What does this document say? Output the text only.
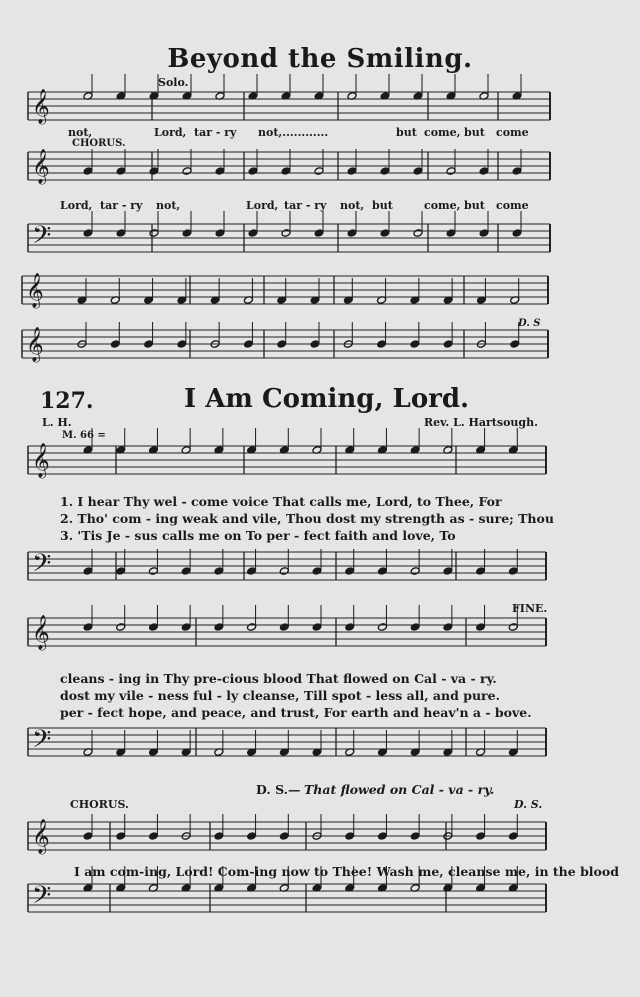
Beyond the Smiling.
Solo.
𝄞
𝄞
𝄢
𝄞
𝄞
𝄞
𝄢
𝄞
𝄢
𝄞
𝄢
not,	Lord, tar - ry not,............	but come, but come
CHORUS.
Lord, tar - ry not,	Lord, tar - ry not, but	come, but come
D. S
127.	I Am Coming, Lord.
L. H.	Rev. L. Hartsough.
M. 66 =
1. I hear Thy wel - come voice That calls me, Lord, to Thee, For
2. Tho' com - ing weak and vile, Thou dost my strength as - sure; Thou
3. 'Tis Je - sus calls me on To per - fect faith and love, To
FINE.
cleans - ing in Thy pre-cious blood That flowed on Cal - va - ry.
dost my vile - ness ful - ly cleanse, Till spot - less all, and pure.
per - fect hope, and peace, and trust, For earth and heav'n a - bove.
D. S.— That flowed on Cal - va - ry.
CHORUS.	D. S.
I am com-ing, Lord! Com-ing now to Thee! Wash me, cleanse me, in the blood
